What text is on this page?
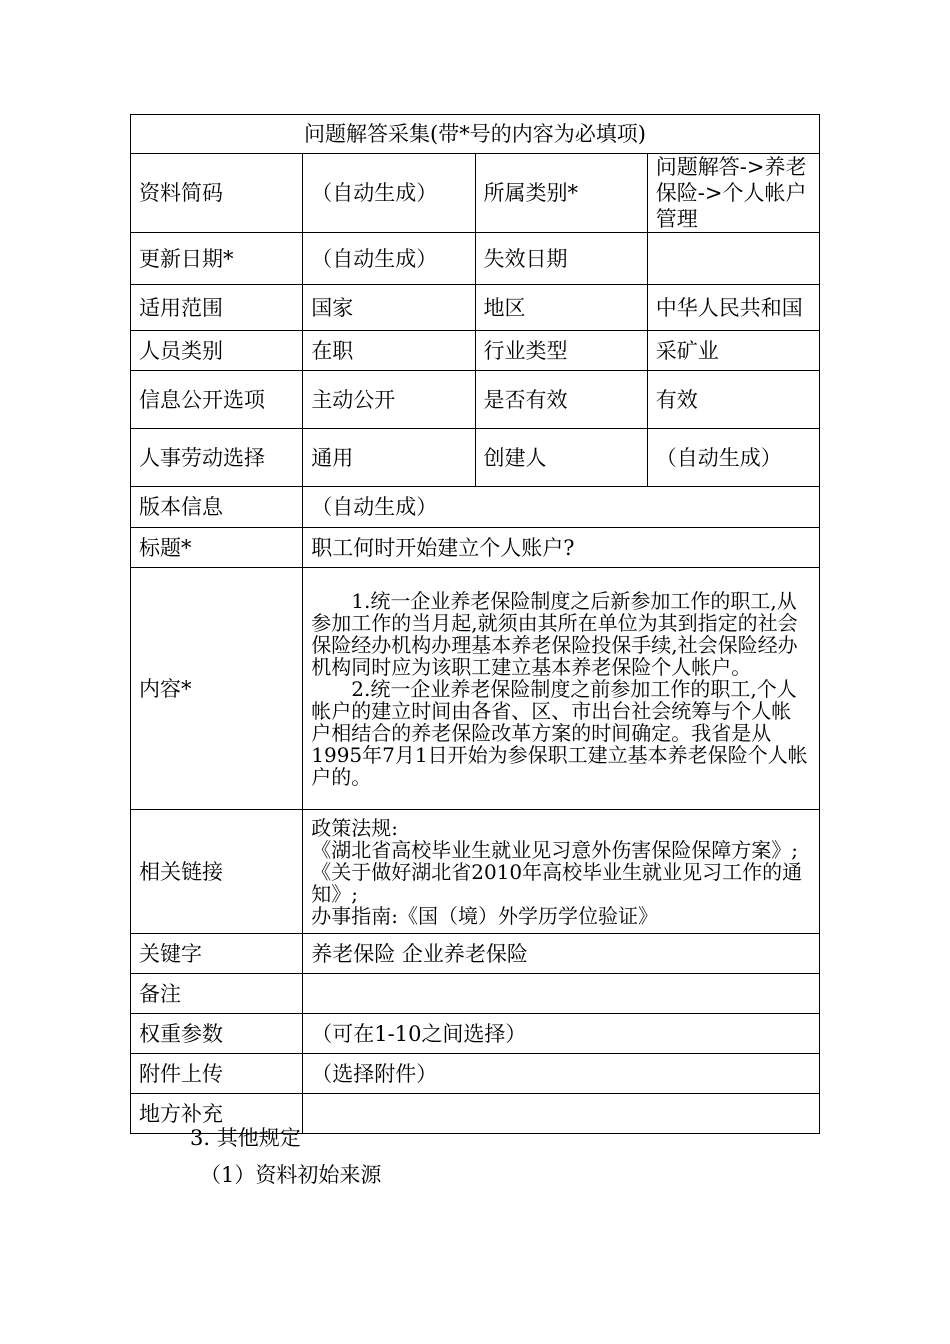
问题解答采集(带*号的内容为必填项)			
资料简码	（自动生成）	所属类别*	问题解答->养老保险->个人帐户管理
更新日期*	（自动生成）	失效日期	
适用范围	国家	地区	中华人民共和国
人员类别	在职	行业类型	采矿业
信息公开选项	主动公开	是否有效	有效
人事劳动选择	通用	创建人	（自动生成）
版本信息	（自动生成）		
标题*	职工何时开始建立个人账户?		
内容*	1.统一企业养老保险制度之后新参加工作的职工,从参加工作的当月起,就须由其所在单位为其到指定的社会保险经办机构办理基本养老保险投保手续,社会保险经办机构同时应为该职工建立基本养老保险个人帐户。

2.统一企业养老保险制度之前参加工作的职工,个人帐户的建立时间由各省、区、市出台社会统筹与个人帐户相结合的养老保险改革方案的时间确定。我省是从1995年7月1日开始为参保职工建立基本养老保险个人帐户的。		

相关链接	政策法规:
《湖北省高校毕业生就业见习意外伤害保险保障方案》;
《关于做好湖北省2010年高校毕业生就业见习工作的通知》;
办事指南:《国（境）外学历学位验证》		

关键字	养老保险 企业养老保险		
备注			
权重参数	（可在1-10之间选择）		
附件上传	（选择附件）		
地方补充			
3. 其他规定
（1）资料初始来源
